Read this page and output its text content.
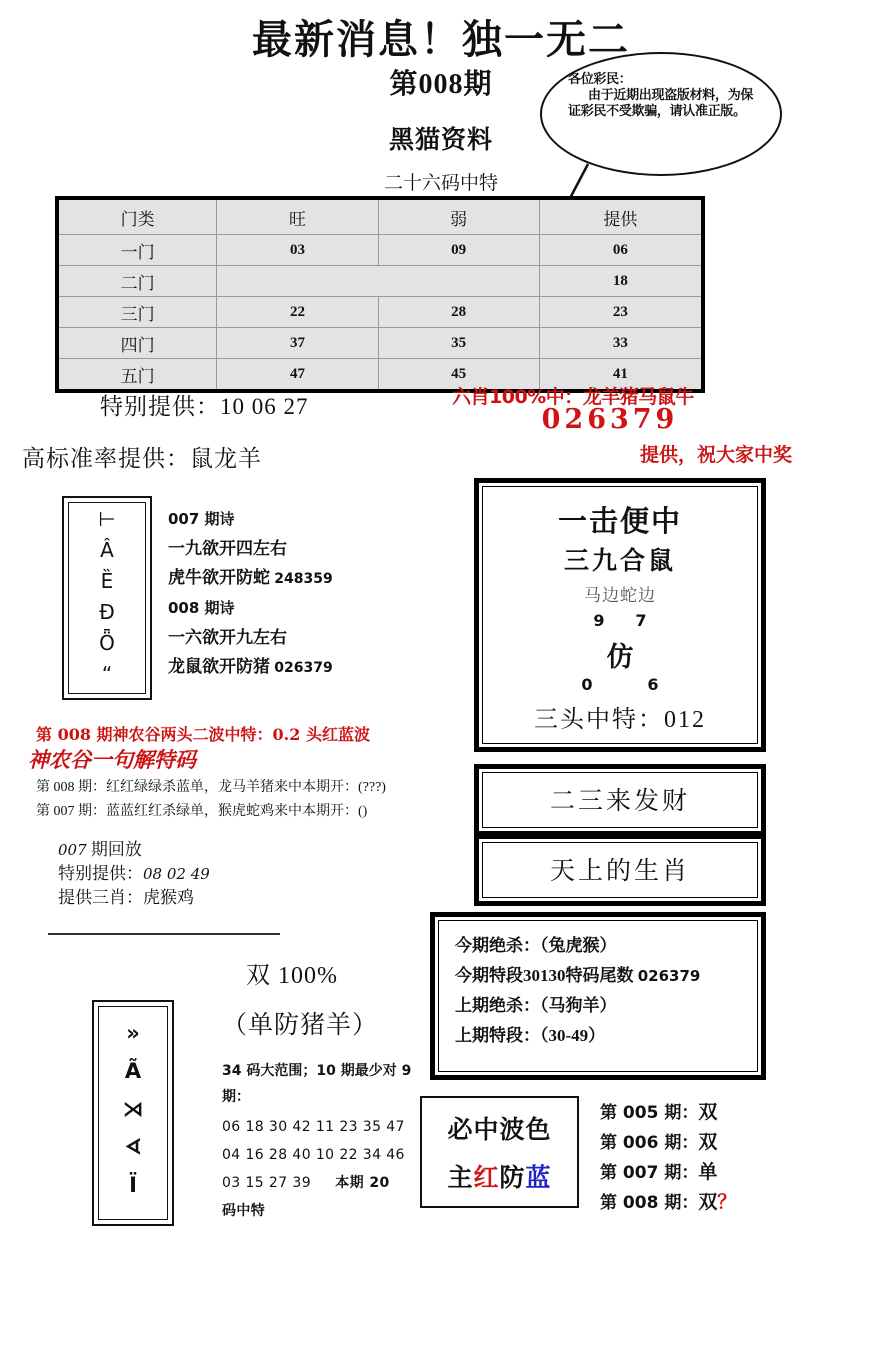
最新消息！独一无二
第008期
黑猫资料
二十六码中特
各位彩民：
由于近期出现盗版材料，为保证彩民不受欺骗，请认准正版。
门类	旺	弱	提供
一门	03	09	06
二门			18
三门	22	28	23
四门	37	35	33
五门	47	45	41
特别提供：10 06 27
高标准率提供：鼠龙羊
六肖100%中：龙羊猪马鼠牛
026379
提供，祝大家中奖
⊢
Â
Ȅ
Ð
Ȫ
“
007 期诗
一九欲开四左右
虎牛欲开防蛇 248359
008 期诗
一六欲开九左右
龙鼠欲开防猪 026379
第 008 期神农谷两头二波中特：0.2 头红蓝波
神农谷一句解特码
第 008 期：红红绿绿杀蓝单，龙马羊猪来中本期开：(???)
第 007 期：蓝蓝红红杀绿单，猴虎蛇鸡来中本期开：()
007 期回放
特别提供：08 02 49
提供三肖：虎猴鸡
»
Ã
⋊
ᗏ
Ï
双 100%
（单防猪羊）
34 码大范围；10 期最少对 9 期：
06 18 30 42 11 23 35 47
04 16 28 40 10 22 34 46
03 15 27 39 本期 20
码中特
一击便中
三九合鼠
马边蛇边
9 7
仿
0	6
三头中特：012
二三来发财
天上的生肖
今期绝杀：（兔虎猴）
今期特段30130特码尾数 026379
上期绝杀：（马狗羊）
上期特段：（30-49）
必中波色
主红防蓝
第 005 期：双
第 006 期：双
第 007 期：单
第 008 期：双？
